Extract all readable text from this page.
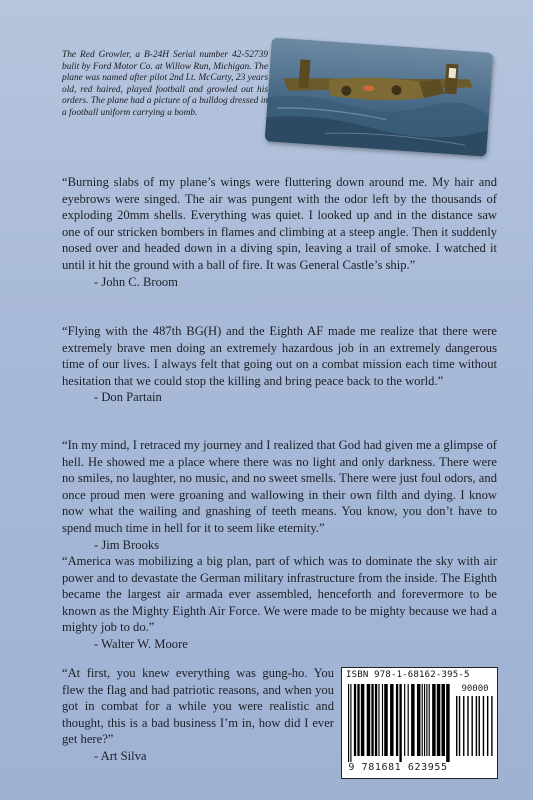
The Red Growler, a B-24H Serial number 42-52739 bulit by Ford Motor Co. at Willow Run, Michigan. The plane was named after pilot 2nd Lt. McCarty, 23 years old, red haired, played football and growled out his orders. The plane had a picture of a bulldog dressed in a football uniform carrying a bomb.

“Burning slabs of my plane’s wings were fluttering down around me. My hair and eyebrows were singed. The air was pungent with the odor left by the thousands of exploding 20mm shells. Everything was quiet. I looked up and in the distance saw one of our stricken bombers in flames and climbing at a steep angle. Then it suddenly nosed over and headed down in a diving spin, leaving a trail of smoke. I watched it until it hit the ground with a ball of fire. It was General Castle’s ship.”

- John C. Broom

“Flying with the 487th BG(H) and the Eighth AF made me realize that there were extremely brave men doing an extremely hazardous job in an extremely dangerous time of our lives. I always felt that going out on a combat mission each time without hesitation that we could stop the killing and bring peace back to the world.”

- Don Partain

“In my mind, I retraced my journey and I realized that God had given me a glimpse of hell. He showed me a place where there was no light and only darkness. There were no smiles, no laughter, no music, and no sweet smells. There were just foul odors, and once proud men were groaning and wallowing in their own filth and dying. I know now what the wailing and gnashing of teeth means. You know, you don’t have to spend much time in hell for it to seem like eternity.”

- Jim Brooks

“America was mobilizing a big plan, part of which was to dominate the sky with air power and to devastate the German military infrastructure from the inside. The Eighth became the largest air armada ever assembled, henceforth and forevermore to be known as the Mighty Eighth Air Force. We were made to be mighty because we had a mighty job to do.”

- Walter W. Moore

“At first, you knew everything was gung-ho. You flew the flag and had patriotic reasons, and when you got in combat for a while you were realistic and thought, this is a bad business I’m in, how did I ever get here?”

- Art Silva
ISBN 978-1-68162-395-5
90000
9 781681 623955
